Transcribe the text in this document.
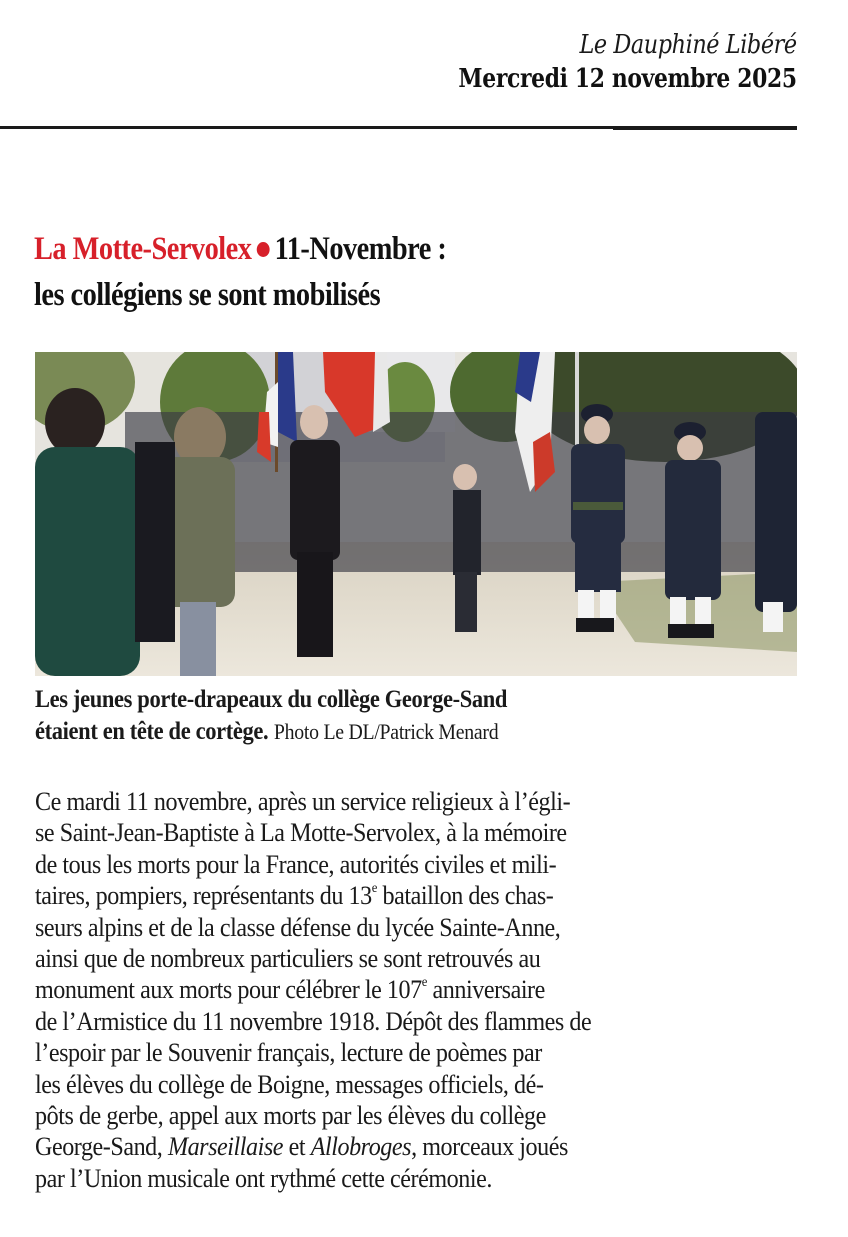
Le Dauphiné Libéré
Mercredi 12 novembre 2025
La Motte-Servolex 11-Novembre :
les collégiens se sont mobilisés
Les jeunes porte-drapeaux du collège George-Sand
étaient en tête de cortège. Photo Le DL/Patrick Menard
Ce mardi 11 novembre, après un service religieux à l’égli-
se Saint-Jean-Baptiste à La Motte-Servolex, à la mémoire
de tous les morts pour la France, autorités civiles et mili-
taires, pompiers, représentants du 13e bataillon des chas-
seurs alpins et de la classe défense du lycée Sainte-Anne,
ainsi que de nombreux particuliers se sont retrouvés au
monument aux morts pour célébrer le 107e anniversaire
de l’Armistice du 11 novembre 1918. Dépôt des flammes de
l’espoir par le Souvenir français, lecture de poèmes par
les élèves du collège de Boigne, messages officiels, dé-
pôts de gerbe, appel aux morts par les élèves du collège
George-Sand, Marseillaise et Allobroges, morceaux joués
par l’Union musicale ont rythmé cette cérémonie.
